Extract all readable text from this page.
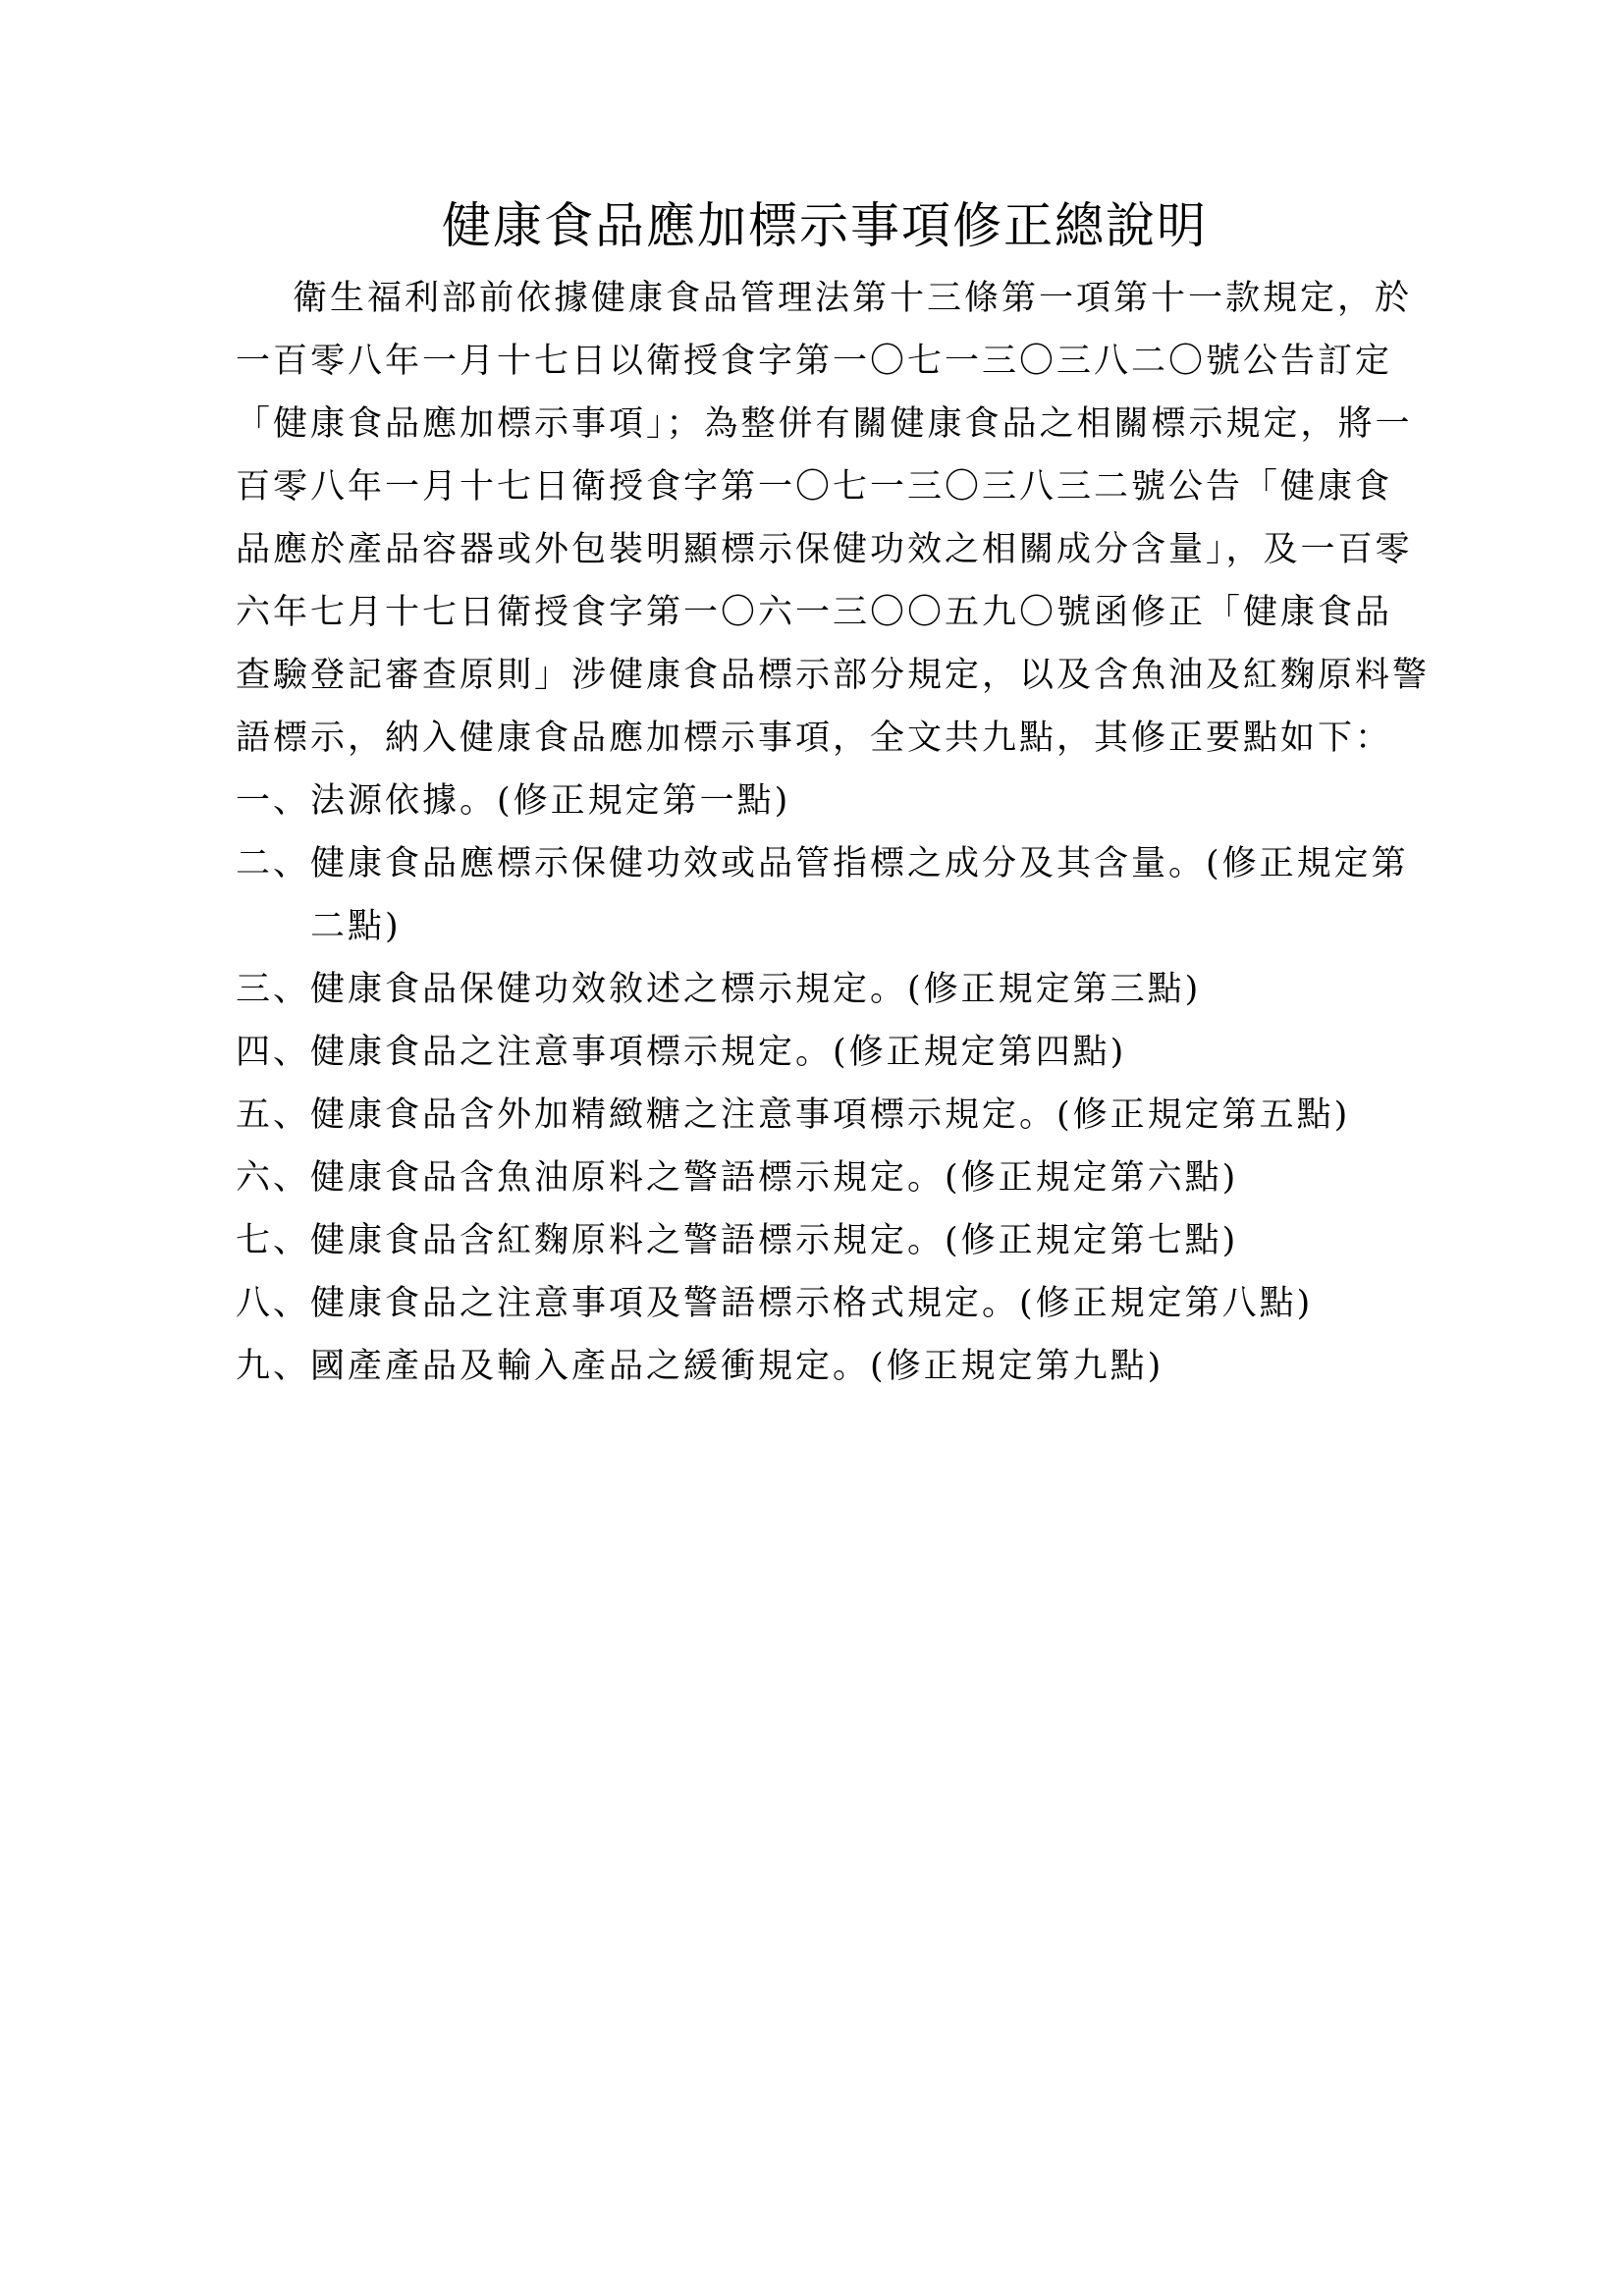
健康食品應加標示事項修正總說明
衛生福利部前依據健康食品管理法第十三條第一項第十一款規定，於
一百零八年一月十七日以衛授食字第一〇七一三〇三八二〇號公告訂定
「健康食品應加標示事項」；為整併有關健康食品之相關標示規定，將一
百零八年一月十七日衛授食字第一〇七一三〇三八三二號公告「健康食
品應於產品容器或外包裝明顯標示保健功效之相關成分含量」，及一百零
六年七月十七日衛授食字第一〇六一三〇〇五九〇號函修正「健康食品
查驗登記審查原則」涉健康食品標示部分規定，以及含魚油及紅麴原料警
語標示，納入健康食品應加標示事項，全文共九點，其修正要點如下：
一、法源依據。(修正規定第一點)
二、健康食品應標示保健功效或品管指標之成分及其含量。(修正規定第
二點)
三、健康食品保健功效敘述之標示規定。(修正規定第三點)
四、健康食品之注意事項標示規定。(修正規定第四點)
五、健康食品含外加精緻糖之注意事項標示規定。(修正規定第五點)
六、健康食品含魚油原料之警語標示規定。(修正規定第六點)
七、健康食品含紅麴原料之警語標示規定。(修正規定第七點)
八、健康食品之注意事項及警語標示格式規定。(修正規定第八點)
九、國產產品及輸入產品之緩衝規定。(修正規定第九點)
